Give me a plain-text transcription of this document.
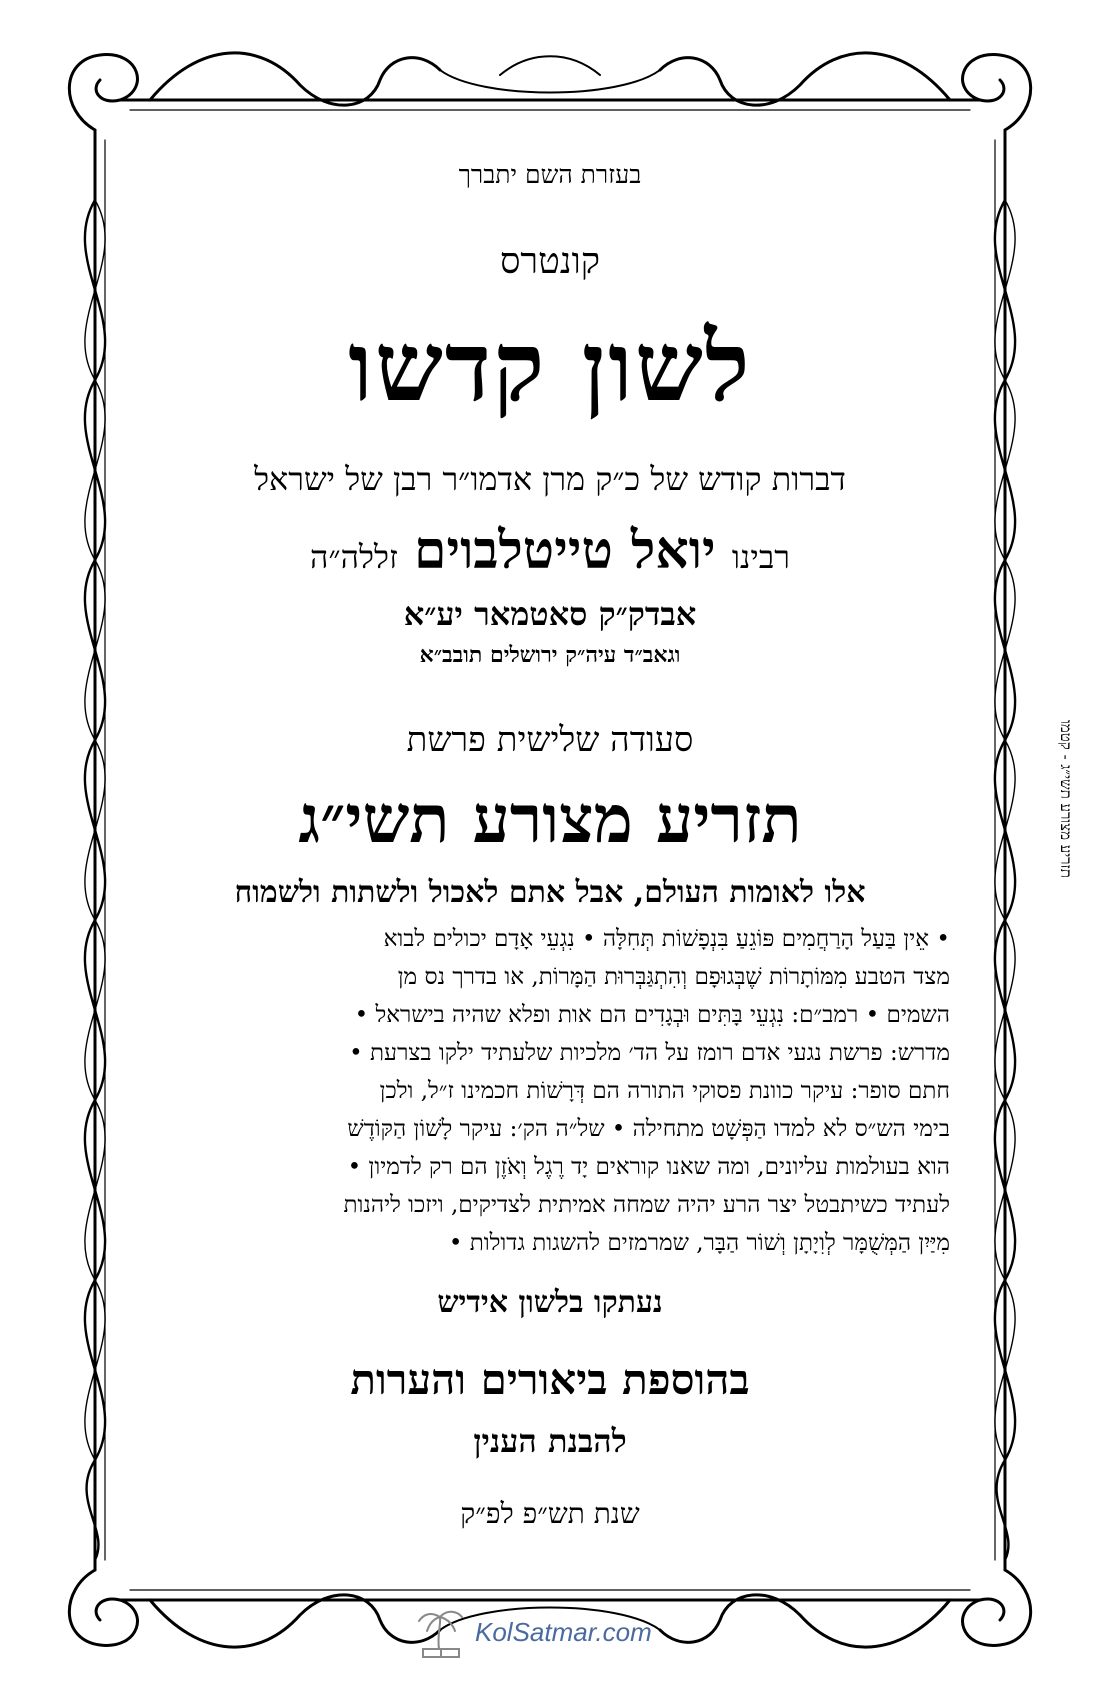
בעזרת השם יתברך
קונטרס
לשון קדשו
דברות קודש של כ״ק מרן אדמו״ר רבן של ישראל
רבינו יואל טייטלבוים זללה״ה
אבדק״ק סאטמאר יע״א
וגאב״ד עיה״ק ירושלים תובב״א
סעודה שלישית פרשת
תזריע מצורע תשי״ג
אלו לאומות העולם, אבל אתם לאכול ולשתות ולשמוח
• אֵין בַּעַל הָרַחֲמִים פּוֹגֵעַ בִּנְפָשׁוֹת תְּחִלָּה • נִגְעֵי אָדָם יכולים לבוא
מצד הטבע מִמּוֹתָרוֹת שֶׁבְּגוּפָם וְהִתְגַּבְּרוּת הַמָּרוֹת, או בדרך נס מן
השמים • רמב״ם: נִגְעֵי בָּתִּים וּבְגָדִים הם אות ופלא שהיה בישראל •
מדרש: פרשת נגעי אדם רומז על הד׳ מלכיות שלעתיד ילקו בצרעת •
חתם סופר: עיקר כוונת פסוקי התורה הם דְּרָשׁוֹת חכמינו ז״ל, ולכן
בימי הש״ס לא למדו הַפְּשָׁט מתחילה • של״ה הק׳: עיקר לָשׁוֹן הַקּוֹדֶשׁ
הוא בעולמות עליונים, ומה שאנו קוראים יָד רֶגֶל וְאֹזֶן הם רק לדמיון •
לעתיד כשיתבטל יצר הרע יהיה שמחה אמיתית לצדיקים, ויזכו ליהנות
מִיַּיִן הַמְּשֻׁמָּר לְוִיָתָן וְשׁוֹר הַבָּר, שמרמזים להשגות גדולות •
נעתקו בלשון אידיש
בהוספת ביאורים והערות
להבנת הענין
שנת תש״פ לפ״ק
תזריע מצורע תשי״ג - קטמו
KolSatmar.com
